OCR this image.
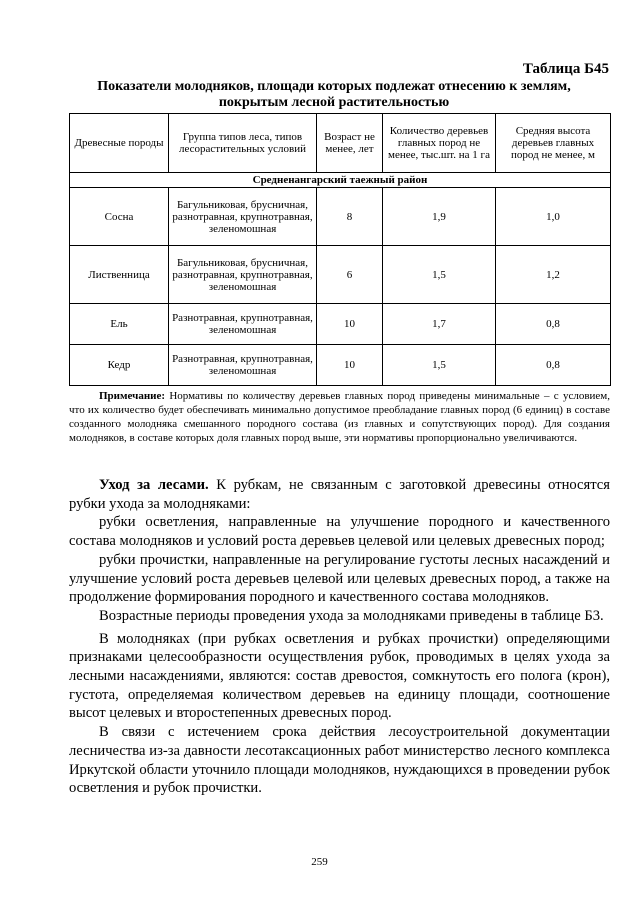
Таблица Б45
Показатели молодняков, площади которых подлежат отнесению к землям,
покрытым лесной растительностью
Древесные породы	Группа типов леса, типов лесорастительных условий	Возраст не менее, лет	Количество деревьев главных пород не менее, тыс.шт. на 1 га	Средняя высота деревьев главных пород не менее, м
Средненангарский таежный район				
Сосна	Багульниковая, брусничная, разнотравная, крупнотравная, зеленомошная	8	1,9	1,0
Лиственница	Багульниковая, брусничная, разнотравная, крупнотравная, зеленомошная	6	1,5	1,2
Ель	Разнотравная, крупнотравная, зеленомошная	10	1,7	0,8
Кедр	Разнотравная, крупнотравная, зеленомошная	10	1,5	0,8
Примечание: Нормативы по количеству деревьев главных пород приведены минимальные – с условием, что их количество будет обеспечивать минимально допустимое преобладание главных пород (6 единиц) в составе созданного молодняка смешанного породного состава (из главных и сопутствующих пород). Для создания молодняков, в составе которых доля главных пород выше, эти нормативы пропорционально увеличиваются.

Уход за лесами. К рубкам, не связанным с заготовкой древесины относятся рубки ухода за молодняками:

рубки осветления, направленные на улучшение породного и качественного состава молодняков и условий роста деревьев целевой или целевых древесных пород;

рубки прочистки, направленные на регулирование густоты лесных насаждений и улучшение условий роста деревьев целевой или целевых древесных пород, а также на продолжение формирования породного и качественного состава молодняков.

Возрастные периоды проведения ухода за молодняками приведены в таблице Б3.

В молодняках (при рубках осветления и рубках прочистки) определяющими признаками целесообразности осуществления рубок, проводимых в целях ухода за лесными насаждениями, являются: состав древостоя, сомкнутость его полога (крон), густота, определяемая количеством деревьев на единицу площади, соотношение высот целевых и второстепенных древесных пород.

В связи с истечением срока действия лесоустроительной документации лесничества из-за давности лесотаксационных работ министерство лесного комплекса Иркутской области уточнило площади молодняков, нуждающихся в проведении рубок осветления и рубок прочистки.

259
